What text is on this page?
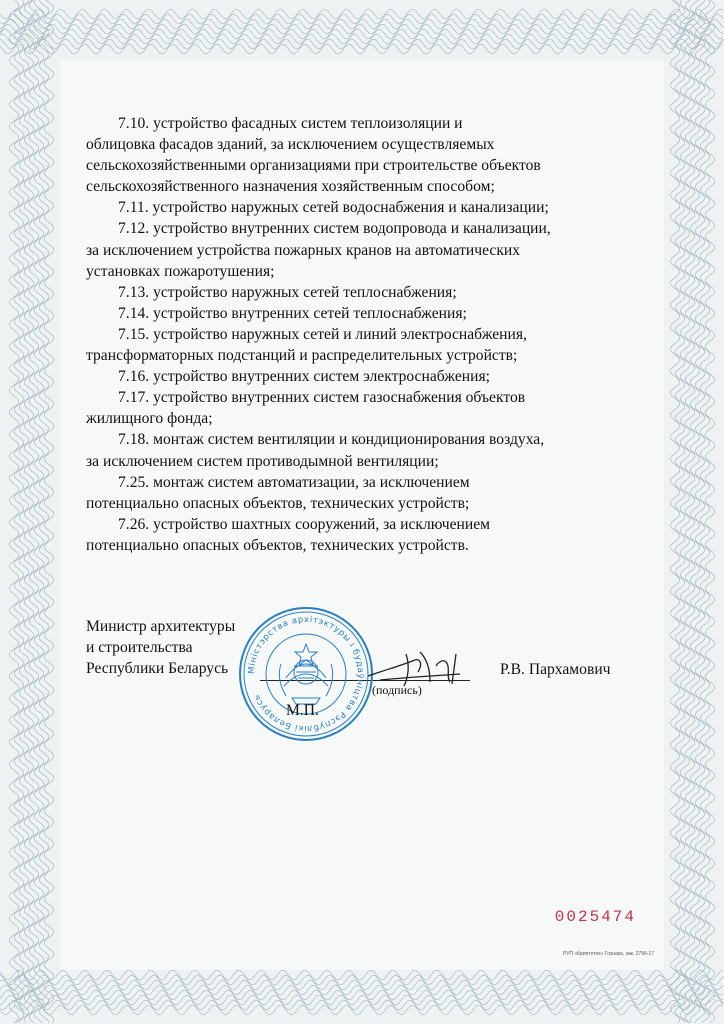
7.10. устройство фасадных систем теплоизоляции и

облицовка фасадов зданий, за исключением осуществляемых

сельскохозяйственными организациями при строительстве объектов

сельскохозяйственного назначения хозяйственным способом;

7.11. устройство наружных сетей водоснабжения и канализации;

7.12. устройство внутренних систем водопровода и канализации,

за исключением устройства пожарных кранов на автоматических

установках пожаротушения;

7.13. устройство наружных сетей теплоснабжения;

7.14. устройство внутренних сетей теплоснабжения;

7.15. устройство наружных сетей и линий электроснабжения,

трансформаторных подстанций и распределительных устройств;

7.16. устройство внутренних систем электроснабжения;

7.17. устройство внутренних систем газоснабжения объектов

жилищного фонда;

7.18. монтаж систем вентиляции и кондиционирования воздуха,

за исключением систем противодымной вентиляции;

7.25. монтаж систем автоматизации, за исключением

потенциально опасных объектов, технических устройств;

7.26. устройство шахтных сооружений, за исключением

потенциально опасных объектов, технических устройств.

Министр архитектуры
и строительства
Республики Беларусь
(подпись)
Р.В. Пархамович
Мiнiстэрства архiтэктуры i будаўнiцтва Рэспублiкi Беларусь
М.П.
0025474
РУП «Криптотех» Гознака, зак. 2796-17
